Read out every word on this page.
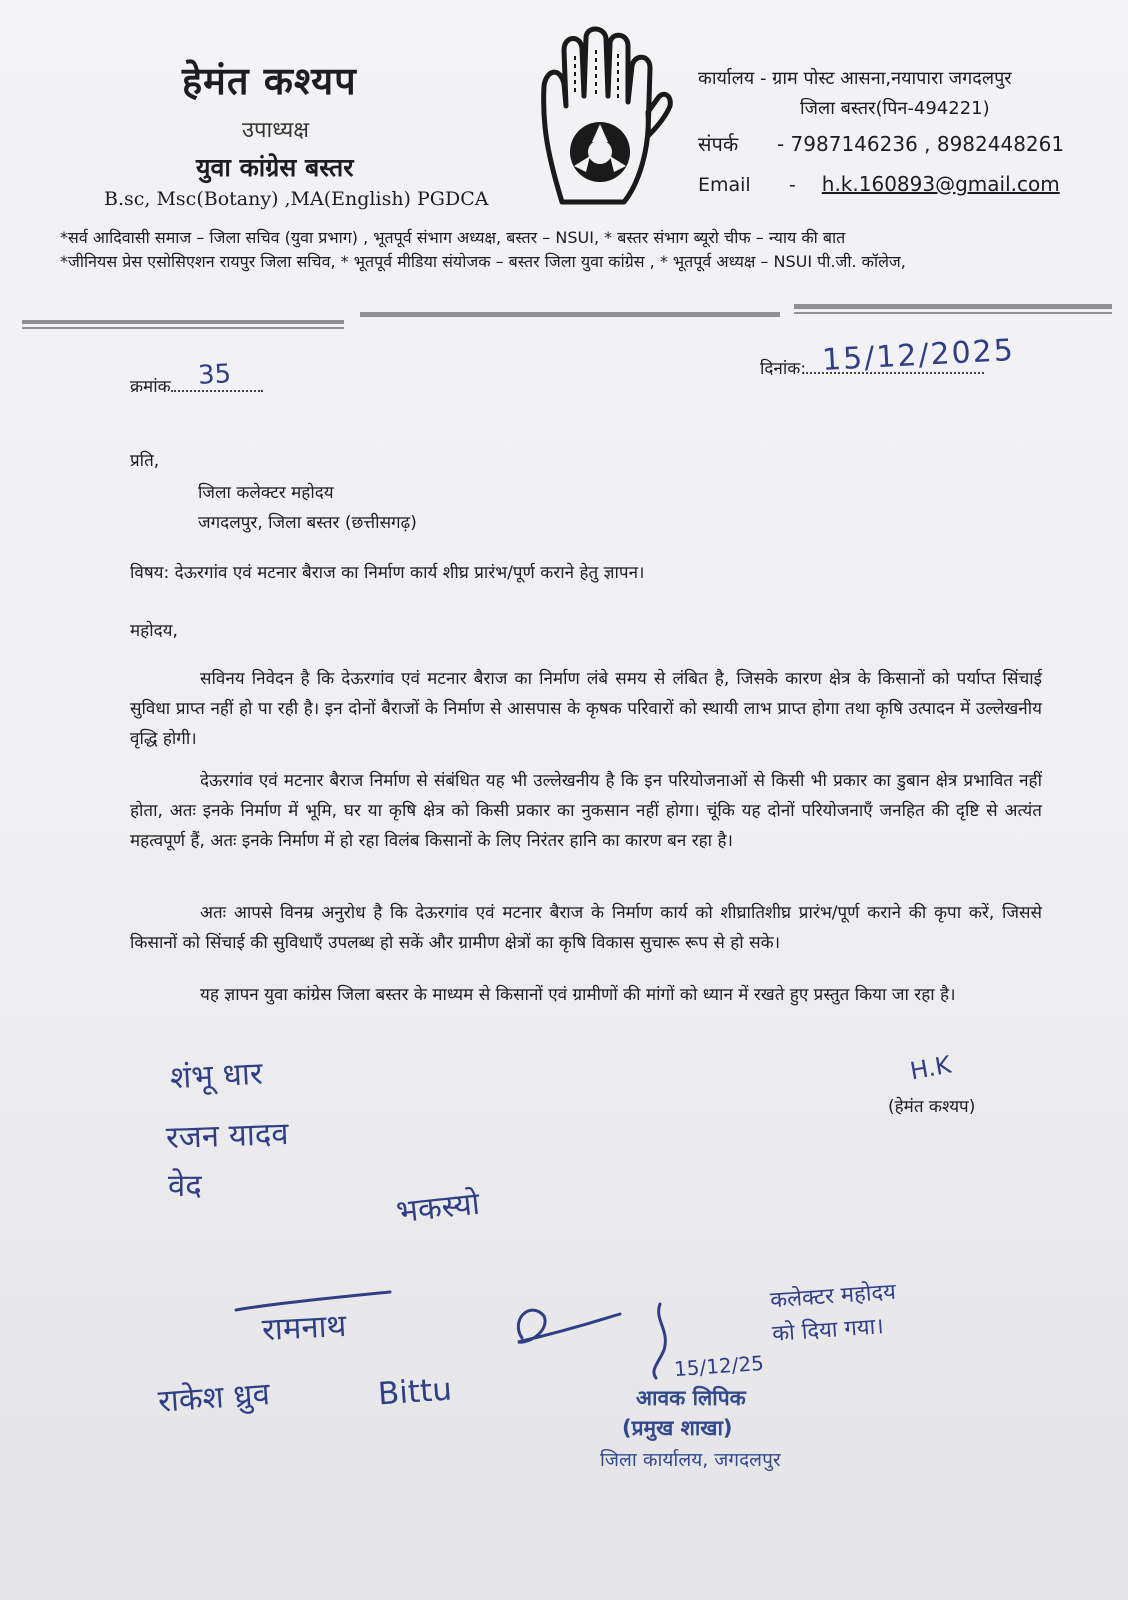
हेमंत कश्यप
उपाध्यक्ष
युवा कांग्रेस बस्तर
B.sc, Msc(Botany) ,MA(English) PGDCA
कार्यालय - ग्राम पोस्ट आसना,नयापारा जगदलपुर
जिला बस्तर(पिन-494221)
संपर्क - 7987146236 , 8982448261
Email - h.k.160893@gmail.com
*सर्व आदिवासी समाज – जिला सचिव (युवा प्रभाग) , भूतपूर्व संभाग अध्यक्ष, बस्तर – NSUI, * बस्तर संभाग ब्यूरो चीफ – न्याय की बात
*जीनियस प्रेस एसोसिएशन रायपुर जिला सचिव, * भूतपूर्व मीडिया संयोजक – बस्तर जिला युवा कांग्रेस , * भूतपूर्व अध्यक्ष – NSUI पी.जी. कॉलेज,
क्रमांक	35	दिनांक: 15/12/2025
प्रति,
जिला कलेक्टर महोदय
जगदलपुर, जिला बस्तर (छत्तीसगढ़)
विषय: देऊरगांव एवं मटनार बैराज का निर्माण कार्य शीघ्र प्रारंभ/पूर्ण कराने हेतु ज्ञापन।
महोदय,
सविनय निवेदन है कि देऊरगांव एवं मटनार बैराज का निर्माण लंबे समय से लंबित है, जिसके कारण क्षेत्र के किसानों को पर्याप्त सिंचाई सुविधा प्राप्त नहीं हो पा रही है। इन दोनों बैराजों के निर्माण से आसपास के कृषक परिवारों को स्थायी लाभ प्राप्त होगा तथा कृषि उत्पादन में उल्लेखनीय वृद्धि होगी।
देऊरगांव एवं मटनार बैराज निर्माण से संबंधित यह भी उल्लेखनीय है कि इन परियोजनाओं से किसी भी प्रकार का डुबान क्षेत्र प्रभावित नहीं होता, अतः इनके निर्माण में भूमि, घर या कृषि क्षेत्र को किसी प्रकार का नुकसान नहीं होगा। चूंकि यह दोनों परियोजनाएँ जनहित की दृष्टि से अत्यंत महत्वपूर्ण हैं, अतः इनके निर्माण में हो रहा विलंब किसानों के लिए निरंतर हानि का कारण बन रहा है।
अतः आपसे विनम्र अनुरोध है कि देऊरगांव एवं मटनार बैराज के निर्माण कार्य को शीघ्रातिशीघ्र प्रारंभ/पूर्ण कराने की कृपा करें, जिससे किसानों को सिंचाई की सुविधाएँ उपलब्ध हो सकें और ग्रामीण क्षेत्रों का कृषि विकास सुचारू रूप से हो सके।
यह ज्ञापन युवा कांग्रेस जिला बस्तर के माध्यम से किसानों एवं ग्रामीणों की मांगों को ध्यान में रखते हुए प्रस्तुत किया जा रहा है।
H.K
(हेमंत कश्यप)
शंभू धार
रजन यादव
वेद	भकस्यो
रामनाथ
राकेश ध्रुव	Bittu
कलेक्टर महोदय
को दिया गया।
15/12/25
आवक लिपिक
(प्रमुख शाखा)
जिला कार्यालय, जगदलपुर
